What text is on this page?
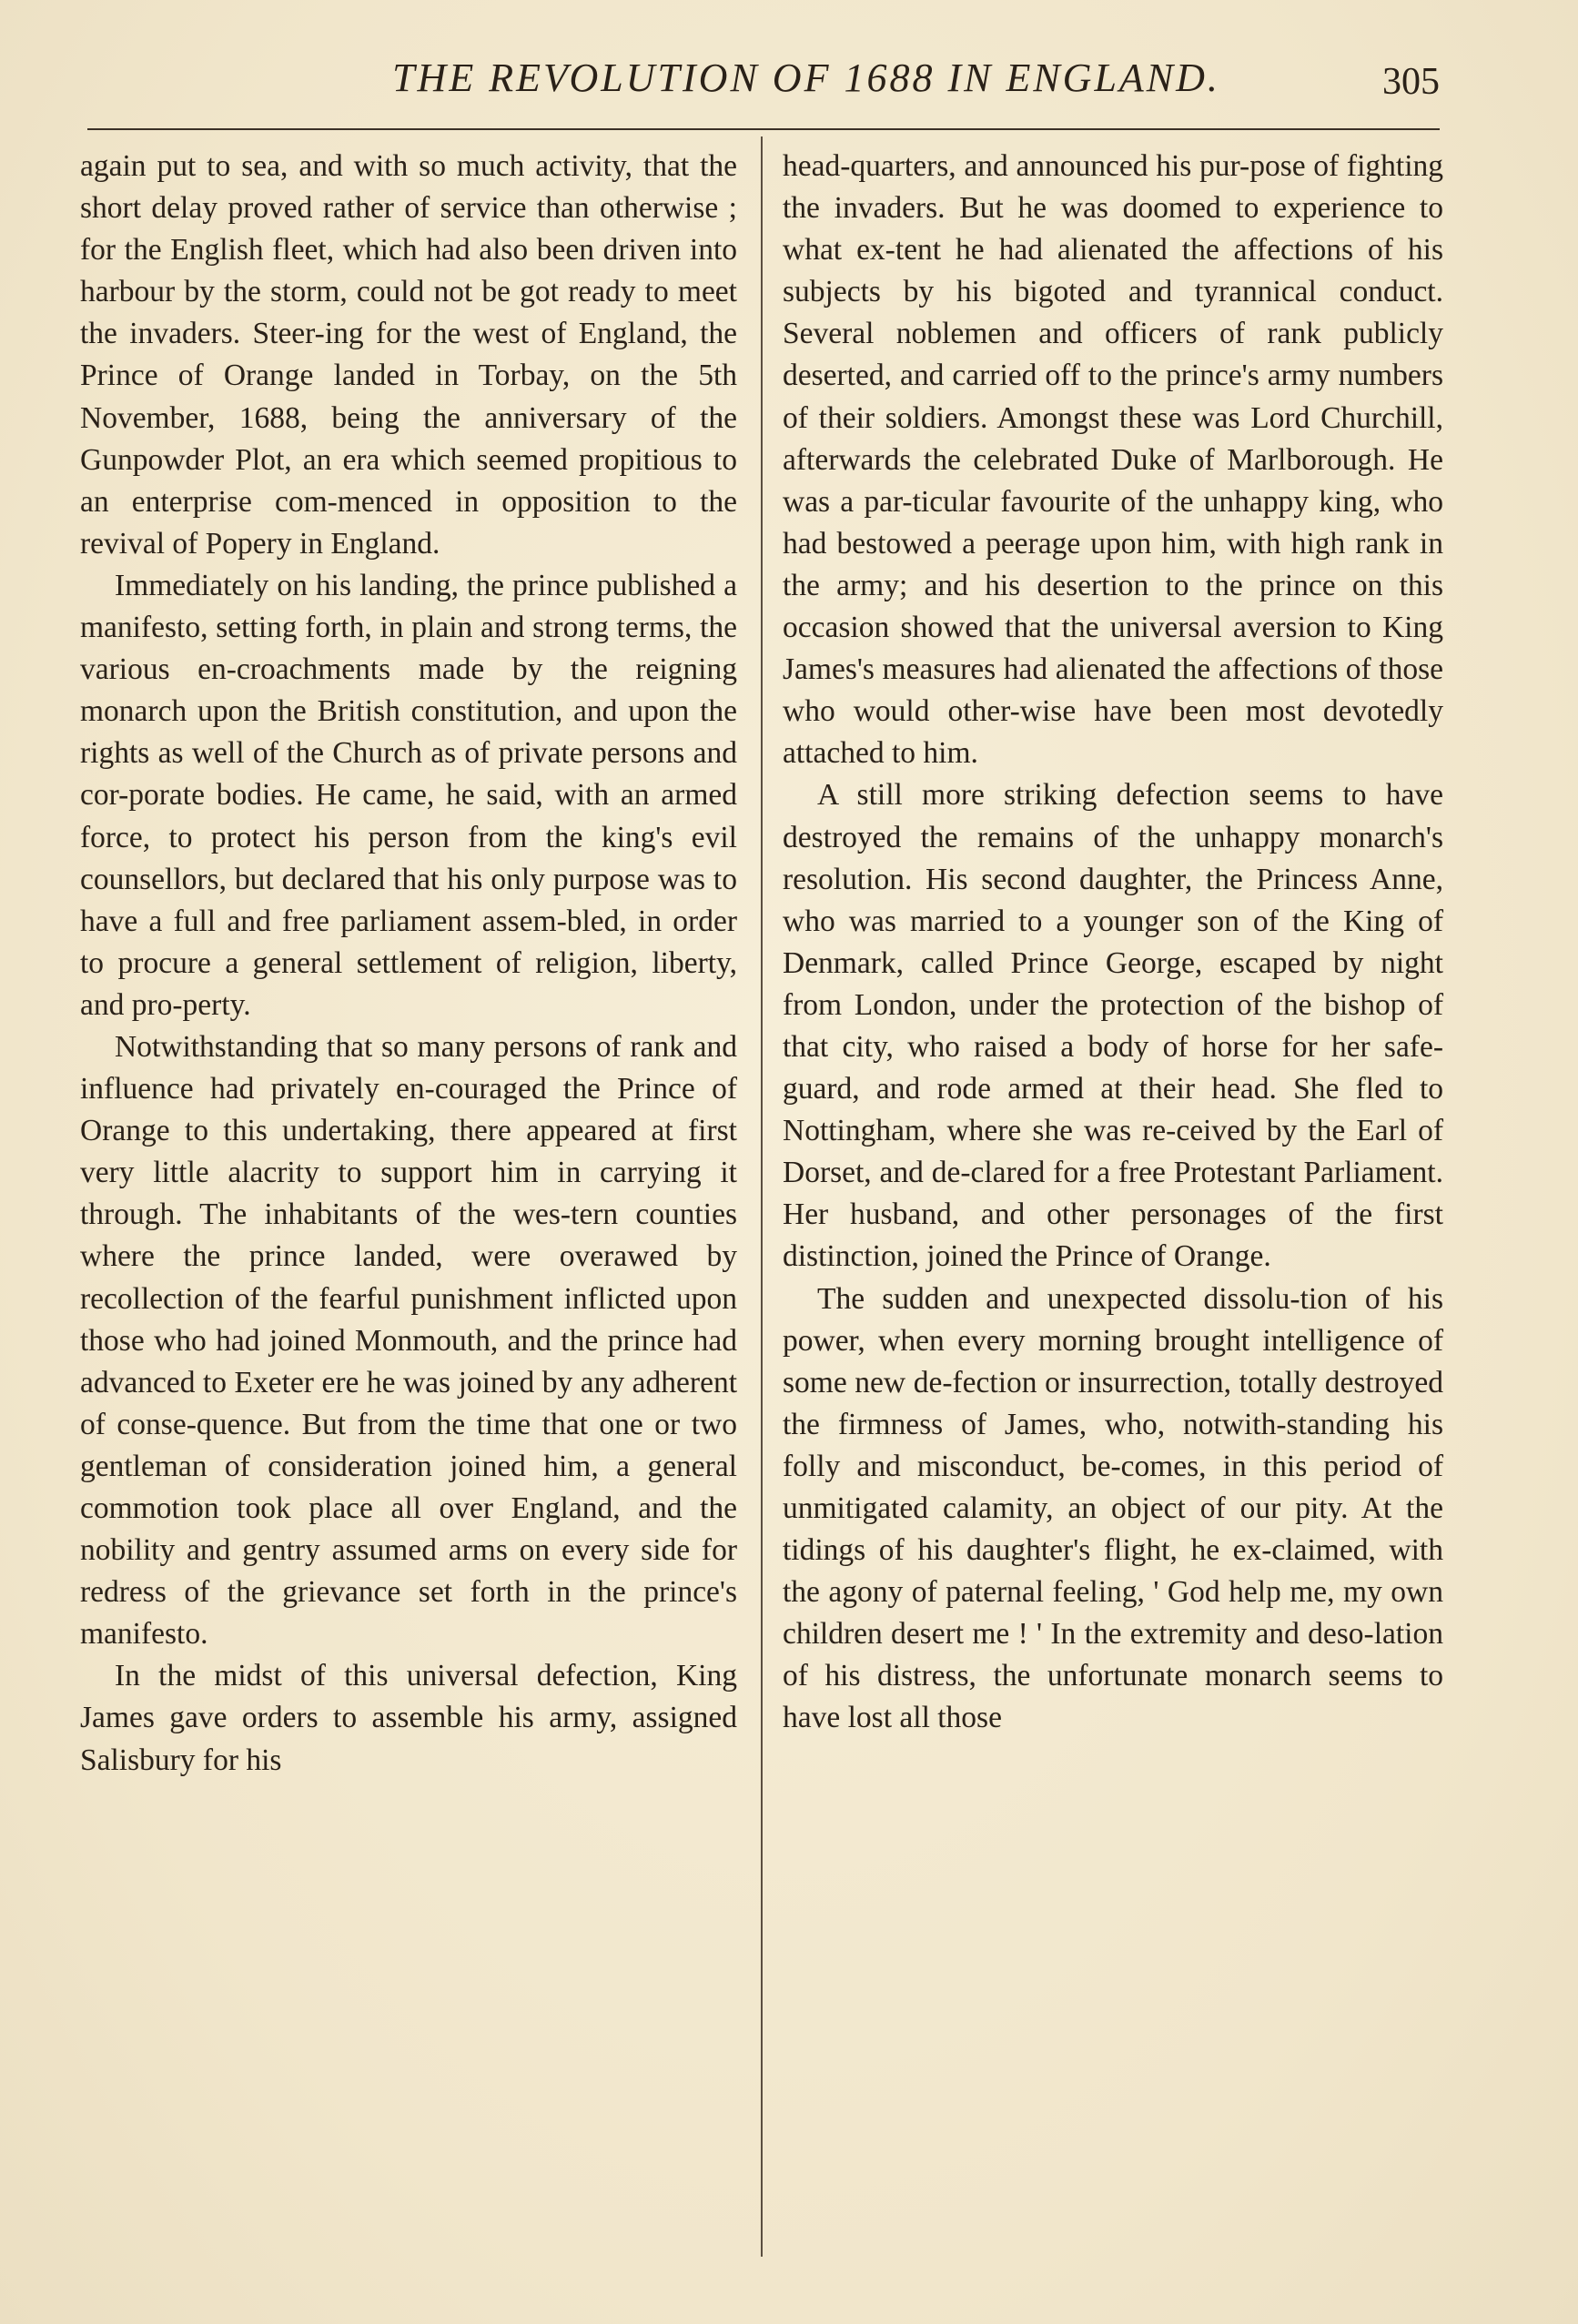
THE REVOLUTION OF 1688 IN ENGLAND.	305

again put to sea, and with so much activity, that the short delay proved rather of service than otherwise ; for the English fleet, which had also been driven into harbour by the storm, could not be got ready to meet the invaders. Steer-ing for the west of England, the Prince of Orange landed in Torbay, on the 5th November, 1688, being the anniversary of the Gunpowder Plot, an era which seemed propitious to an enterprise com-menced in opposition to the revival of Popery in England.

Immediately on his landing, the prince published a manifesto, setting forth, in plain and strong terms, the various en-croachments made by the reigning monarch upon the British constitution, and upon the rights as well of the Church as of private persons and cor-porate bodies. He came, he said, with an armed force, to protect his person from the king's evil counsellors, but declared that his only purpose was to have a full and free parliament assem-bled, in order to procure a general settlement of religion, liberty, and pro-perty.

Notwithstanding that so many persons of rank and influence had privately en-couraged the Prince of Orange to this undertaking, there appeared at first very little alacrity to support him in carrying it through. The inhabitants of the wes-tern counties where the prince landed, were overawed by recollection of the fearful punishment inflicted upon those who had joined Monmouth, and the prince had advanced to Exeter ere he was joined by any adherent of conse-quence. But from the time that one or two gentleman of consideration joined him, a general commotion took place all over England, and the nobility and gentry assumed arms on every side for redress of the grievance set forth in the prince's manifesto.

In the midst of this universal defection, King James gave orders to assemble his army, assigned Salisbury for his

head-quarters, and announced his pur-pose of fighting the invaders. But he was doomed to experience to what ex-tent he had alienated the affections of his subjects by his bigoted and tyrannical conduct. Several noblemen and officers of rank publicly deserted, and carried off to the prince's army numbers of their soldiers. Amongst these was Lord Churchill, afterwards the celebrated Duke of Marlborough. He was a par-ticular favourite of the unhappy king, who had bestowed a peerage upon him, with high rank in the army; and his desertion to the prince on this occasion showed that the universal aversion to King James's measures had alienated the affections of those who would other-wise have been most devotedly attached to him.

A still more striking defection seems to have destroyed the remains of the unhappy monarch's resolution. His second daughter, the Princess Anne, who was married to a younger son of the King of Denmark, called Prince George, escaped by night from London, under the protection of the bishop of that city, who raised a body of horse for her safe-guard, and rode armed at their head. She fled to Nottingham, where she was re-ceived by the Earl of Dorset, and de-clared for a free Protestant Parliament. Her husband, and other personages of the first distinction, joined the Prince of Orange.

The sudden and unexpected dissolu-tion of his power, when every morning brought intelligence of some new de-fection or insurrection, totally destroyed the firmness of James, who, notwith-standing his folly and misconduct, be-comes, in this period of unmitigated calamity, an object of our pity. At the tidings of his daughter's flight, he ex-claimed, with the agony of paternal feeling, ' God help me, my own children desert me ! ' In the extremity and deso-lation of his distress, the unfortunate monarch seems to have lost all those
